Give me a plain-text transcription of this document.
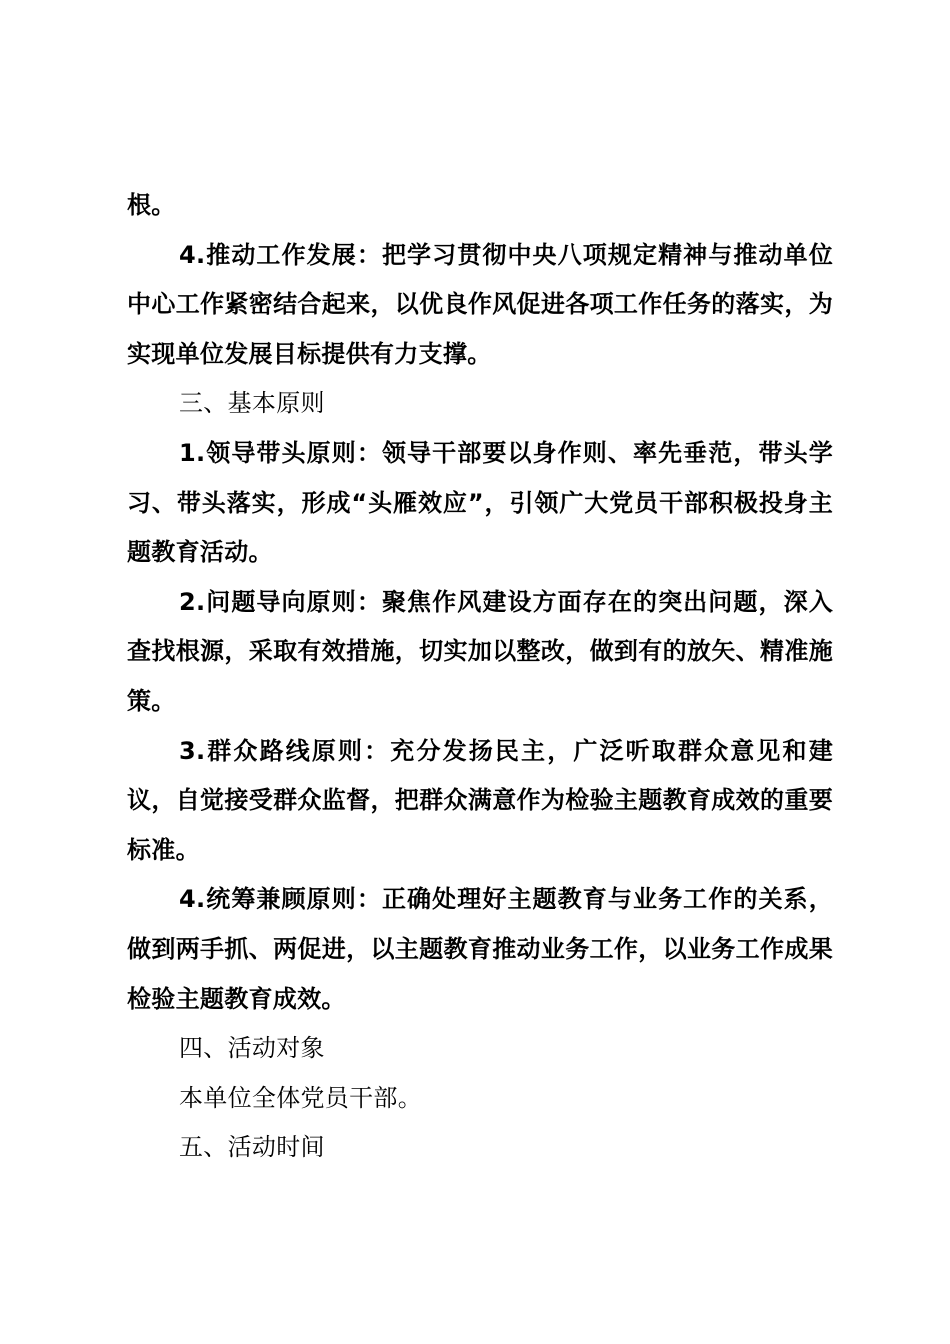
根。

4.推动工作发展：把学习贯彻中央八项规定精神与推动单位中心工作紧密结合起来，以优良作风促进各项工作任务的落实，为实现单位发展目标提供有力支撑。

三、基本原则

1.领导带头原则：领导干部要以身作则、率先垂范，带头学习、带头落实，形成“头雁效应”，引领广大党员干部积极投身主题教育活动。

2.问题导向原则：聚焦作风建设方面存在的突出问题，深入查找根源，采取有效措施，切实加以整改，做到有的放矢、精准施策。

3.群众路线原则：充分发扬民主，广泛听取群众意见和建议，自觉接受群众监督，把群众满意作为检验主题教育成效的重要标准。

4.统筹兼顾原则：正确处理好主题教育与业务工作的关系，做到两手抓、两促进，以主题教育推动业务工作，以业务工作成果检验主题教育成效。

四、活动对象

本单位全体党员干部。

五、活动时间
